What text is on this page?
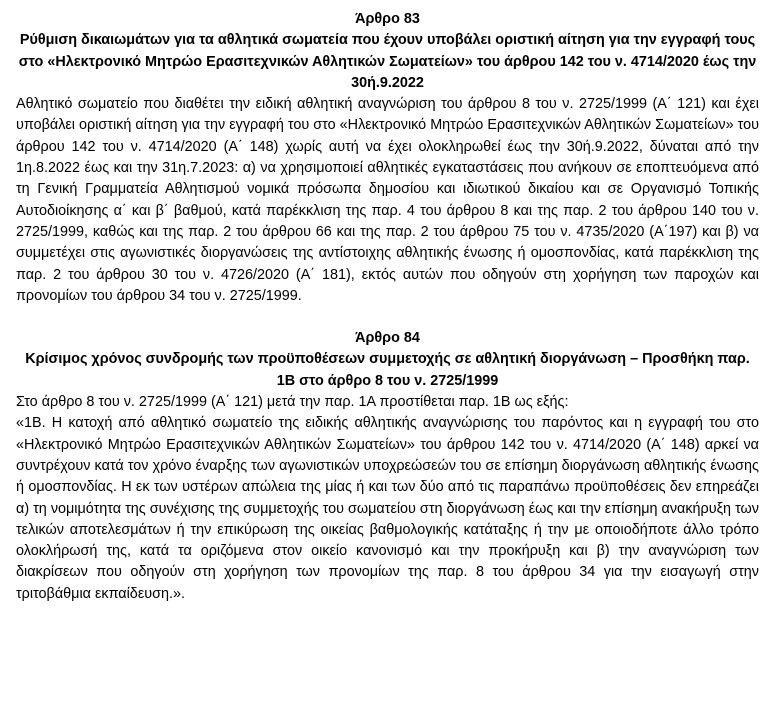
Άρθρο 83

Ρύθμιση δικαιωμάτων για τα αθλητικά σωματεία που έχουν υποβάλει οριστική αίτηση για την εγγραφή τους στο «Ηλεκτρονικό Μητρώο Ερασιτεχνικών Αθλητικών Σωματείων» του άρθρου 142 του ν. 4714/2020 έως την 30ή.9.2022

Αθλητικό σωματείο που διαθέτει την ειδική αθλητική αναγνώριση του άρθρου 8 του ν. 2725/1999 (Α΄ 121) και έχει υποβάλει οριστική αίτηση για την εγγραφή του στο «Ηλεκτρονικό Μητρώο Ερασιτεχνικών Αθλητικών Σωματείων» του άρθρου 142 του ν. 4714/2020 (Α΄ 148) χωρίς αυτή να έχει ολοκληρωθεί έως την 30ή.9.2022, δύναται από την 1η.8.2022 έως και την 31η.7.2023: α) να χρησιμοποιεί αθλητικές εγκαταστάσεις που ανήκουν σε εποπτευόμενα από τη Γενική Γραμματεία Αθλητισμού νομικά πρόσωπα δημοσίου και ιδιωτικού δικαίου και σε Οργανισμό Τοπικής Αυτοδιοίκησης α΄ και β΄ βαθμού, κατά παρέκκλιση της παρ. 4 του άρθρου 8 και της παρ. 2 του άρθρου 140 του ν. 2725/1999, καθώς και της παρ. 2 του άρθρου 66 και της παρ. 2 του άρθρου 75 του ν. 4735/2020 (Α΄197) και β) να συμμετέχει στις αγωνιστικές διοργανώσεις της αντίστοιχης αθλητικής ένωσης ή ομοσπονδίας, κατά παρέκκλιση της παρ. 2 του άρθρου 30 του ν. 4726/2020 (Α΄ 181), εκτός αυτών που οδηγούν στη χορήγηση των παροχών και προνομίων του άρθρου 34 του ν. 2725/1999.

Άρθρο 84

Κρίσιμος χρόνος συνδρομής των προϋποθέσεων συμμετοχής σε αθλητική διοργάνωση – Προσθήκη παρ. 1Β στο άρθρο 8 του ν. 2725/1999

Στο άρθρο 8 του ν. 2725/1999 (Α΄ 121) μετά την παρ. 1Α προστίθεται παρ. 1Β ως εξής:

«1Β. Η κατοχή από αθλητικό σωματείο της ειδικής αθλητικής αναγνώρισης του παρόντος και η εγγραφή του στο «Ηλεκτρονικό Μητρώο Ερασιτεχνικών Αθλητικών Σωματείων» του άρθρου 142 του ν. 4714/2020 (Α΄ 148) αρκεί να συντρέχουν κατά τον χρόνο έναρξης των αγωνιστικών υποχρεώσεών του σε επίσημη διοργάνωση αθλητικής ένωσης ή ομοσπονδίας. Η εκ των υστέρων απώλεια της μίας ή και των δύο από τις παραπάνω προϋποθέσεις δεν επηρεάζει α) τη νομιμότητα της συνέχισης της συμμετοχής του σωματείου στη διοργάνωση έως και την επίσημη ανακήρυξη των τελικών αποτελεσμάτων ή την επικύρωση της οικείας βαθμολογικής κατάταξης ή την με οποιοδήποτε άλλο τρόπο ολοκλήρωσή της, κατά τα οριζόμενα στον οικείο κανονισμό και την προκήρυξη και β) την αναγνώριση των διακρίσεων που οδηγούν στη χορήγηση των προνομίων της παρ. 8 του άρθρου 34 για την εισαγωγή στην τριτοβάθμια εκπαίδευση.».
